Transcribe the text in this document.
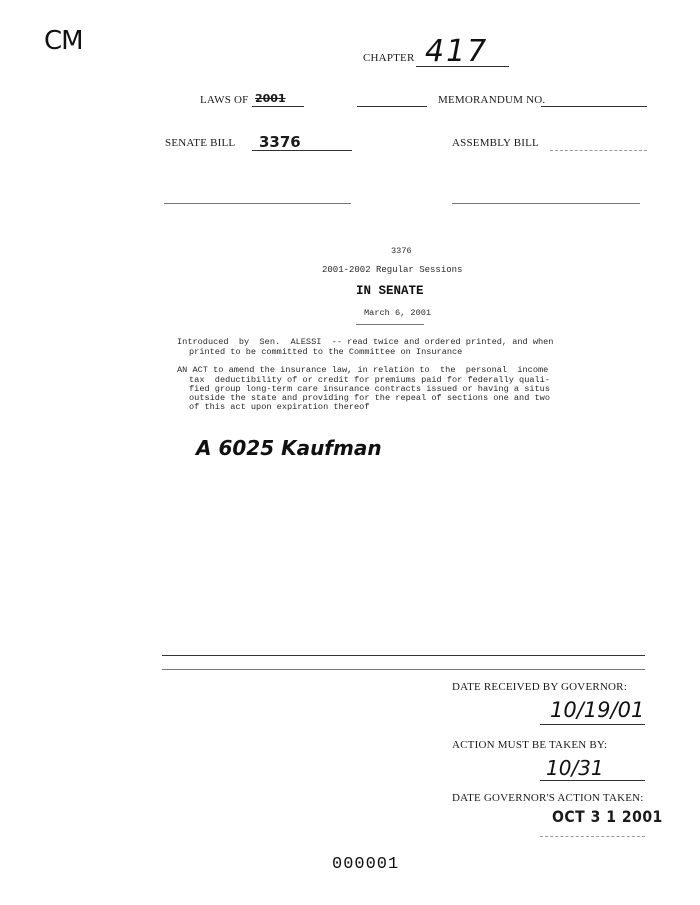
CM
CHAPTER 417
LAWS OF 2001	MEMORANDUM NO.
SENATE BILL 3376	ASSEMBLY BILL
3376
2001-2002 Regular Sessions
IN SENATE
March 6, 2001
Introduced  by  Sen.  ALESSI  -- read twice and ordered printed, and when
printed to be committed to the Committee on Insurance
AN ACT to amend the insurance law, in relation to  the  personal  income
tax  deductibility of or credit for premiums paid for federally quali-
fied group long-term care insurance contracts issued or having a situs
outside the state and providing for the repeal of sections one and two
of this act upon expiration thereof
A 6025 Kaufman
DATE RECEIVED BY GOVERNOR:
10/19/01
ACTION MUST BE TAKEN BY:
10/31
DATE GOVERNOR'S ACTION TAKEN:
OCT 3 1 2001
000001
